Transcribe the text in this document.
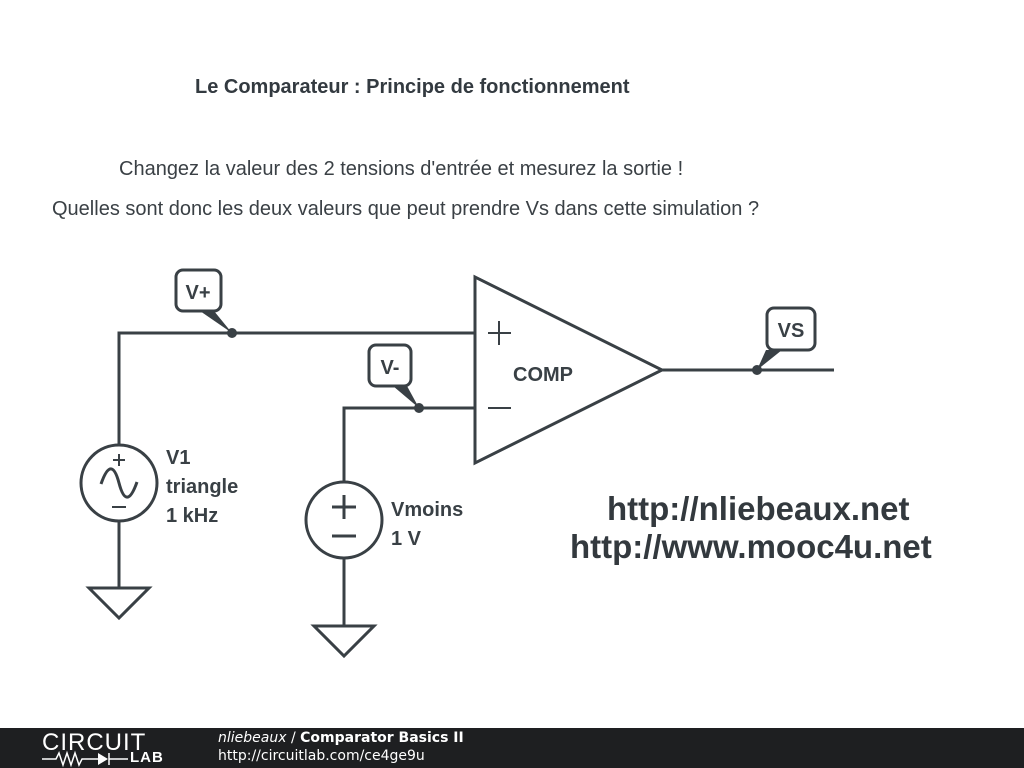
Le Comparateur : Principe de fonctionnement
Changez la valeur des 2 tensions d'entrée et mesurez la sortie !
Quelles sont donc les deux valeurs que peut prendre Vs dans cette simulation ?
V1
triangle
1 kHz	Vmoins
1 V
COMP
V+
V-
VS
http://nliebeaux.net
http://www.mooc4u.net
CIRCUIT
LAB
nliebeaux / Comparator Basics II
http://circuitlab.com/ce4ge9u
